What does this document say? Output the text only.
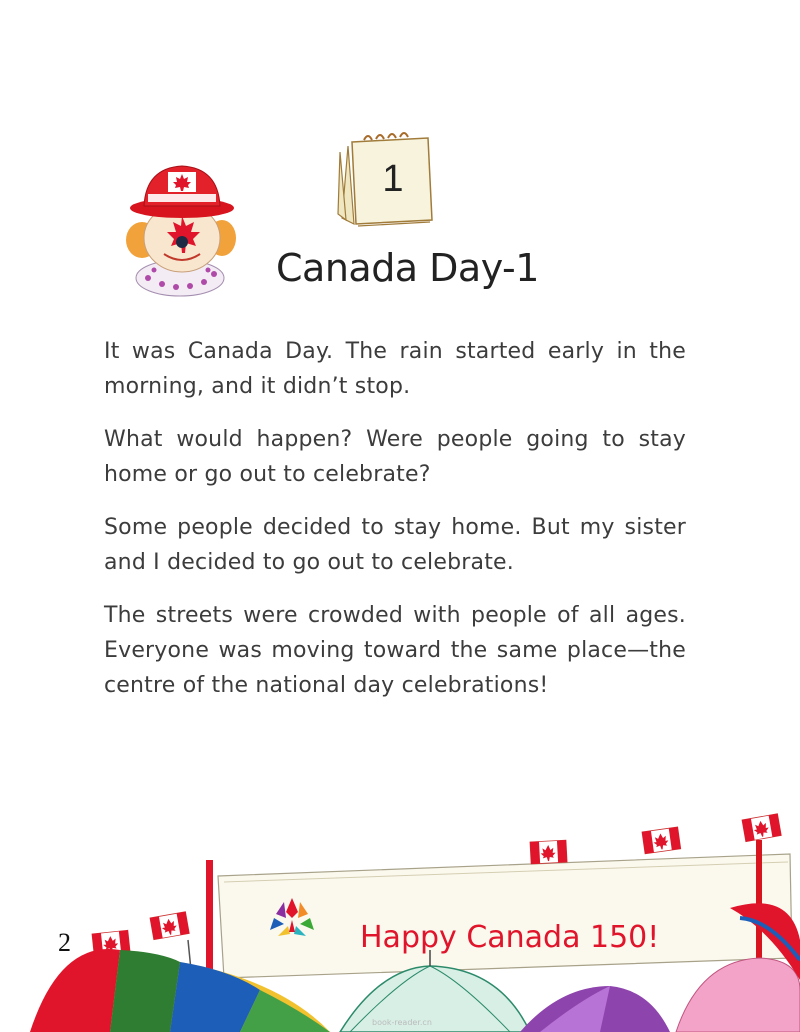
1
Canada Day-1

It was Canada Day. The rain started early in the morning, and it didn’t stop.

What would happen? Were people going to stay home or go out to celebrate?

Some people decided to stay home. But my sister and I decided to go out to celebrate.

The streets were crowded with people of all ages. Everyone was moving toward the same place—the centre of the national day celebrations!

Happy Canada 150!
2
book-reader.cn
